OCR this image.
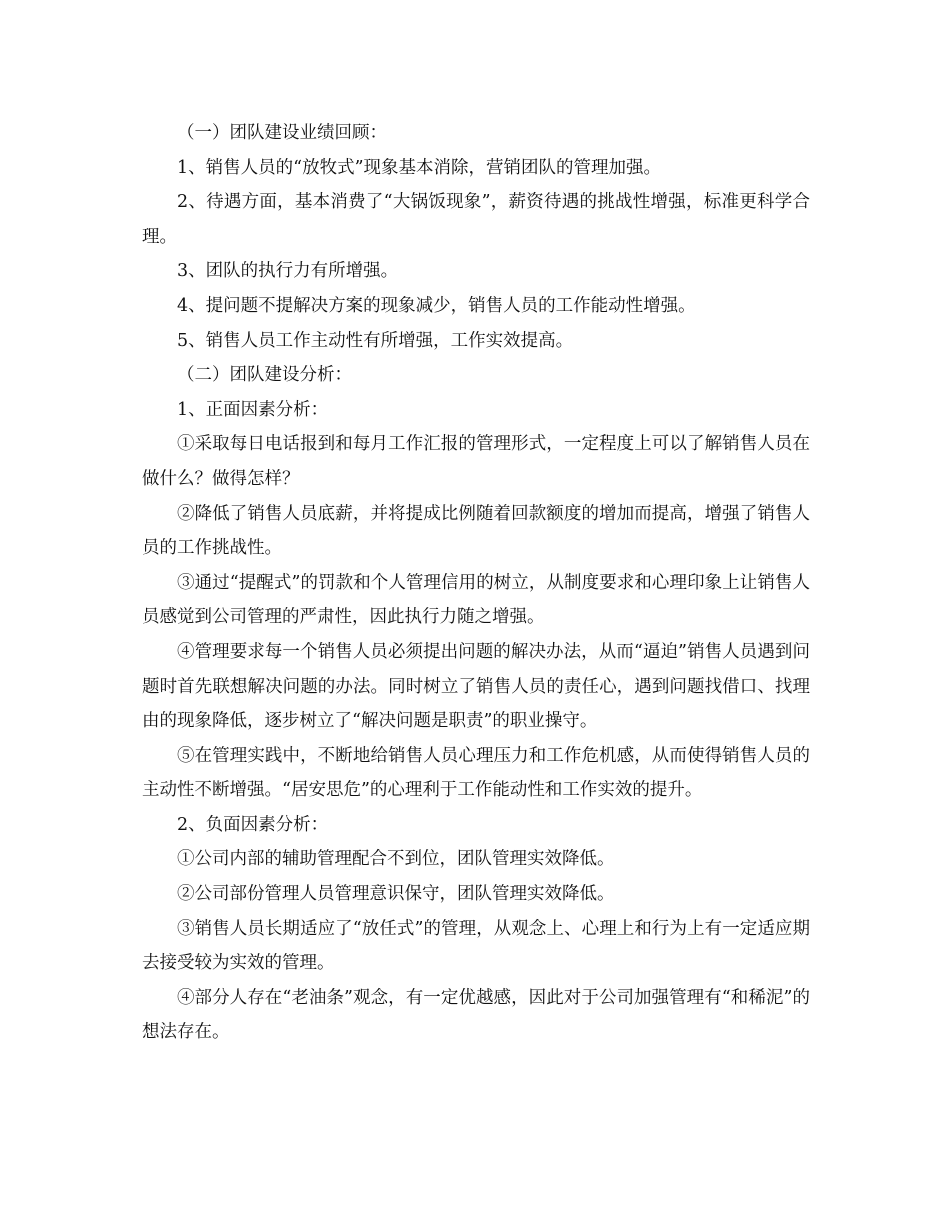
（一）团队建设业绩回顾：

1、销售人员的“放牧式”现象基本消除，营销团队的管理加强。

2、待遇方面，基本消费了“大锅饭现象”，薪资待遇的挑战性增强，标准更科学合理。

3、团队的执行力有所增强。

4、提问题不提解决方案的现象减少，销售人员的工作能动性增强。

5、销售人员工作主动性有所增强，工作实效提高。

（二）团队建设分析：

1、正面因素分析：

①采取每日电话报到和每月工作汇报的管理形式，一定程度上可以了解销售人员在做什么？做得怎样？

②降低了销售人员底薪，并将提成比例随着回款额度的增加而提高，增强了销售人员的工作挑战性。

③通过“提醒式”的罚款和个人管理信用的树立，从制度要求和心理印象上让销售人员感觉到公司管理的严肃性，因此执行力随之增强。

④管理要求每一个销售人员必须提出问题的解决办法，从而“逼迫”销售人员遇到问题时首先联想解决问题的办法。同时树立了销售人员的责任心，遇到问题找借口、找理由的现象降低，逐步树立了“解决问题是职责”的职业操守。

⑤在管理实践中，不断地给销售人员心理压力和工作危机感，从而使得销售人员的主动性不断增强。“居安思危”的心理利于工作能动性和工作实效的提升。

2、负面因素分析：

①公司内部的辅助管理配合不到位，团队管理实效降低。

②公司部份管理人员管理意识保守，团队管理实效降低。

③销售人员长期适应了“放任式”的管理，从观念上、心理上和行为上有一定适应期去接受较为实效的管理。

④部分人存在“老油条”观念，有一定优越感，因此对于公司加强管理有“和稀泥”的想法存在。
